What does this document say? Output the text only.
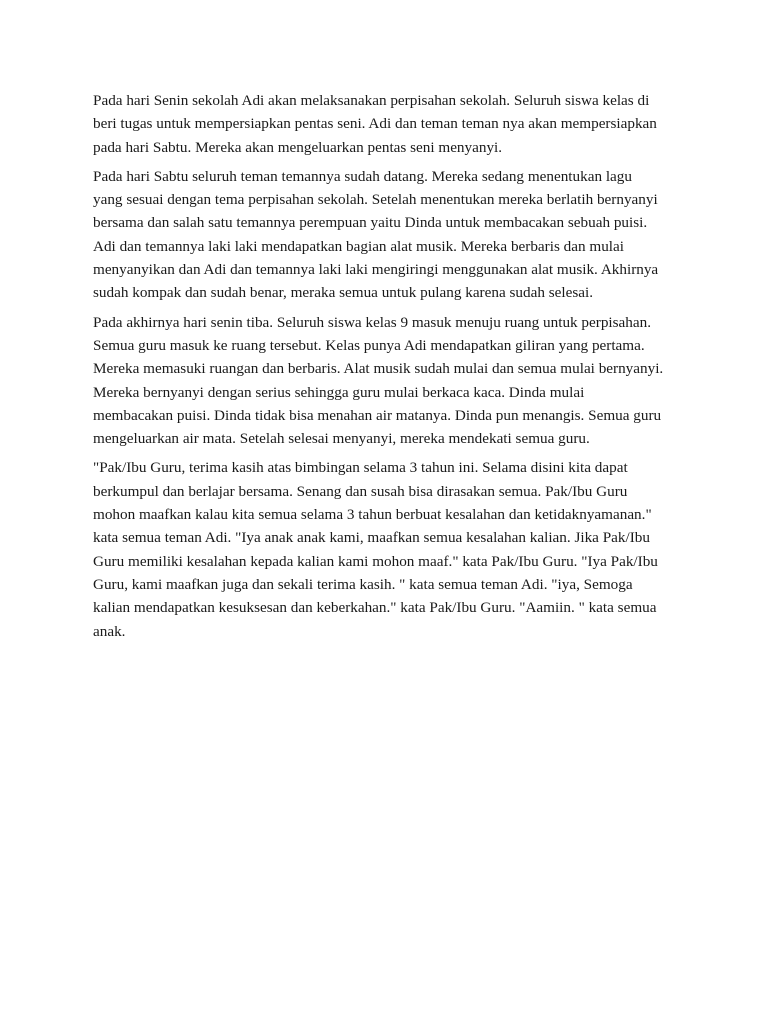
Pada hari Senin sekolah Adi akan melaksanakan perpisahan sekolah. Seluruh siswa kelas di
beri tugas untuk mempersiapkan pentas seni. Adi dan teman teman nya akan mempersiapkan
pada hari Sabtu. Mereka akan mengeluarkan pentas seni menyanyi.

Pada hari Sabtu seluruh teman temannya sudah datang. Mereka sedang menentukan lagu
yang sesuai dengan tema perpisahan sekolah. Setelah menentukan mereka berlatih bernyanyi
bersama dan salah satu temannya perempuan yaitu Dinda untuk membacakan sebuah puisi.
Adi dan temannya laki laki mendapatkan bagian alat musik. Mereka berbaris dan mulai
menyanyikan dan Adi dan temannya laki laki mengiringi menggunakan alat musik. Akhirnya
sudah kompak dan sudah benar, meraka semua untuk pulang karena sudah selesai.

Pada akhirnya hari senin tiba. Seluruh siswa kelas 9 masuk menuju ruang untuk perpisahan.
Semua guru masuk ke ruang tersebut. Kelas punya Adi mendapatkan giliran yang pertama.
Mereka memasuki ruangan dan berbaris. Alat musik sudah mulai dan semua mulai bernyanyi.
Mereka bernyanyi dengan serius sehingga guru mulai berkaca kaca. Dinda mulai
membacakan puisi. Dinda tidak bisa menahan air matanya. Dinda pun menangis. Semua guru
mengeluarkan air mata. Setelah selesai menyanyi, mereka mendekati semua guru.

"Pak/Ibu Guru, terima kasih atas bimbingan selama 3 tahun ini. Selama disini kita dapat
berkumpul dan berlajar bersama. Senang dan susah bisa dirasakan semua. Pak/Ibu Guru
mohon maafkan kalau kita semua selama 3 tahun berbuat kesalahan dan ketidaknyamanan."
kata semua teman Adi. "Iya anak anak kami, maafkan semua kesalahan kalian. Jika Pak/Ibu
Guru memiliki kesalahan kepada kalian kami mohon maaf." kata Pak/Ibu Guru. "Iya Pak/Ibu
Guru, kami maafkan juga dan sekali terima kasih. " kata semua teman Adi. "iya, Semoga
kalian mendapatkan kesuksesan dan keberkahan." kata Pak/Ibu Guru. "Aamiin. " kata semua
anak.
